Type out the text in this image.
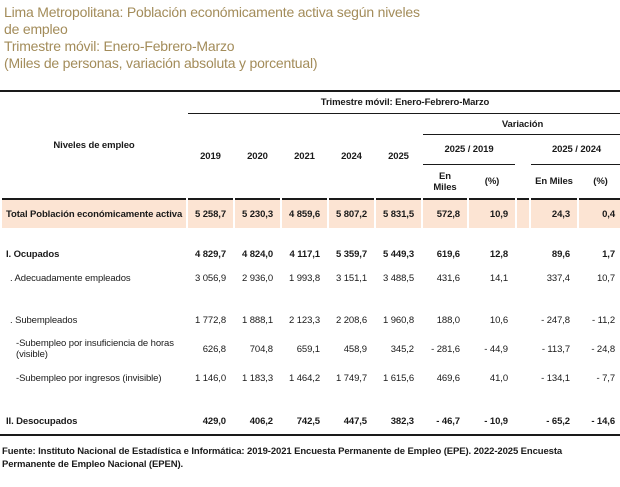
Lima Metropolitana: Población económicamente activa según niveles
de empleo
Trimestre móvil: Enero-Febrero-Marzo
(Miles de personas, variación absoluta y porcentual)
Niveles de empleo	Trimestre móvil: Enero-Febrero-Marzo									
	2019	2020	2021	2024	2025	Variación				
						2025 / 2019			2025 / 2024	
						En Miles	(%)		En Miles	(%)
Total Población económicamente activa	5 258,7	5 230,3	4 859,6	5 807,2	5 831,5	572,8	10,9		24,3	0,4

I. Ocupados	4 829,7	4 824,0	4 117,1	5 359,7	5 449,3	619,6	12,8		89,6	1,7
. Adecuadamente empleados	3 056,9	2 936,0	1 993,8	3 151,1	3 488,5	431,6	14,1		337,4	10,7

. Subempleados	1 772,8	1 888,1	2 123,3	2 208,6	1 960,8	188,0	10,6		- 247,8	- 11,2
-Subempleo por insuficiencia de horas (visible)	626,8	704,8	659,1	458,9	345,2	- 281,6	- 44,9		- 113,7	- 24,8
-Subempleo por ingresos (invisible)	1 146,0	1 183,3	1 464,2	1 749,7	1 615,6	469,6	41,0		- 134,1	- 7,7

II. Desocupados	429,0	406,2	742,5	447,5	382,3	- 46,7	- 10,9		- 65,2	- 14,6
Fuente: Instituto Nacional de Estadística e Informática: 2019-2021 Encuesta Permanente de Empleo (EPE). 2022-2025 Encuesta Permanente de Empleo Nacional (EPEN).
